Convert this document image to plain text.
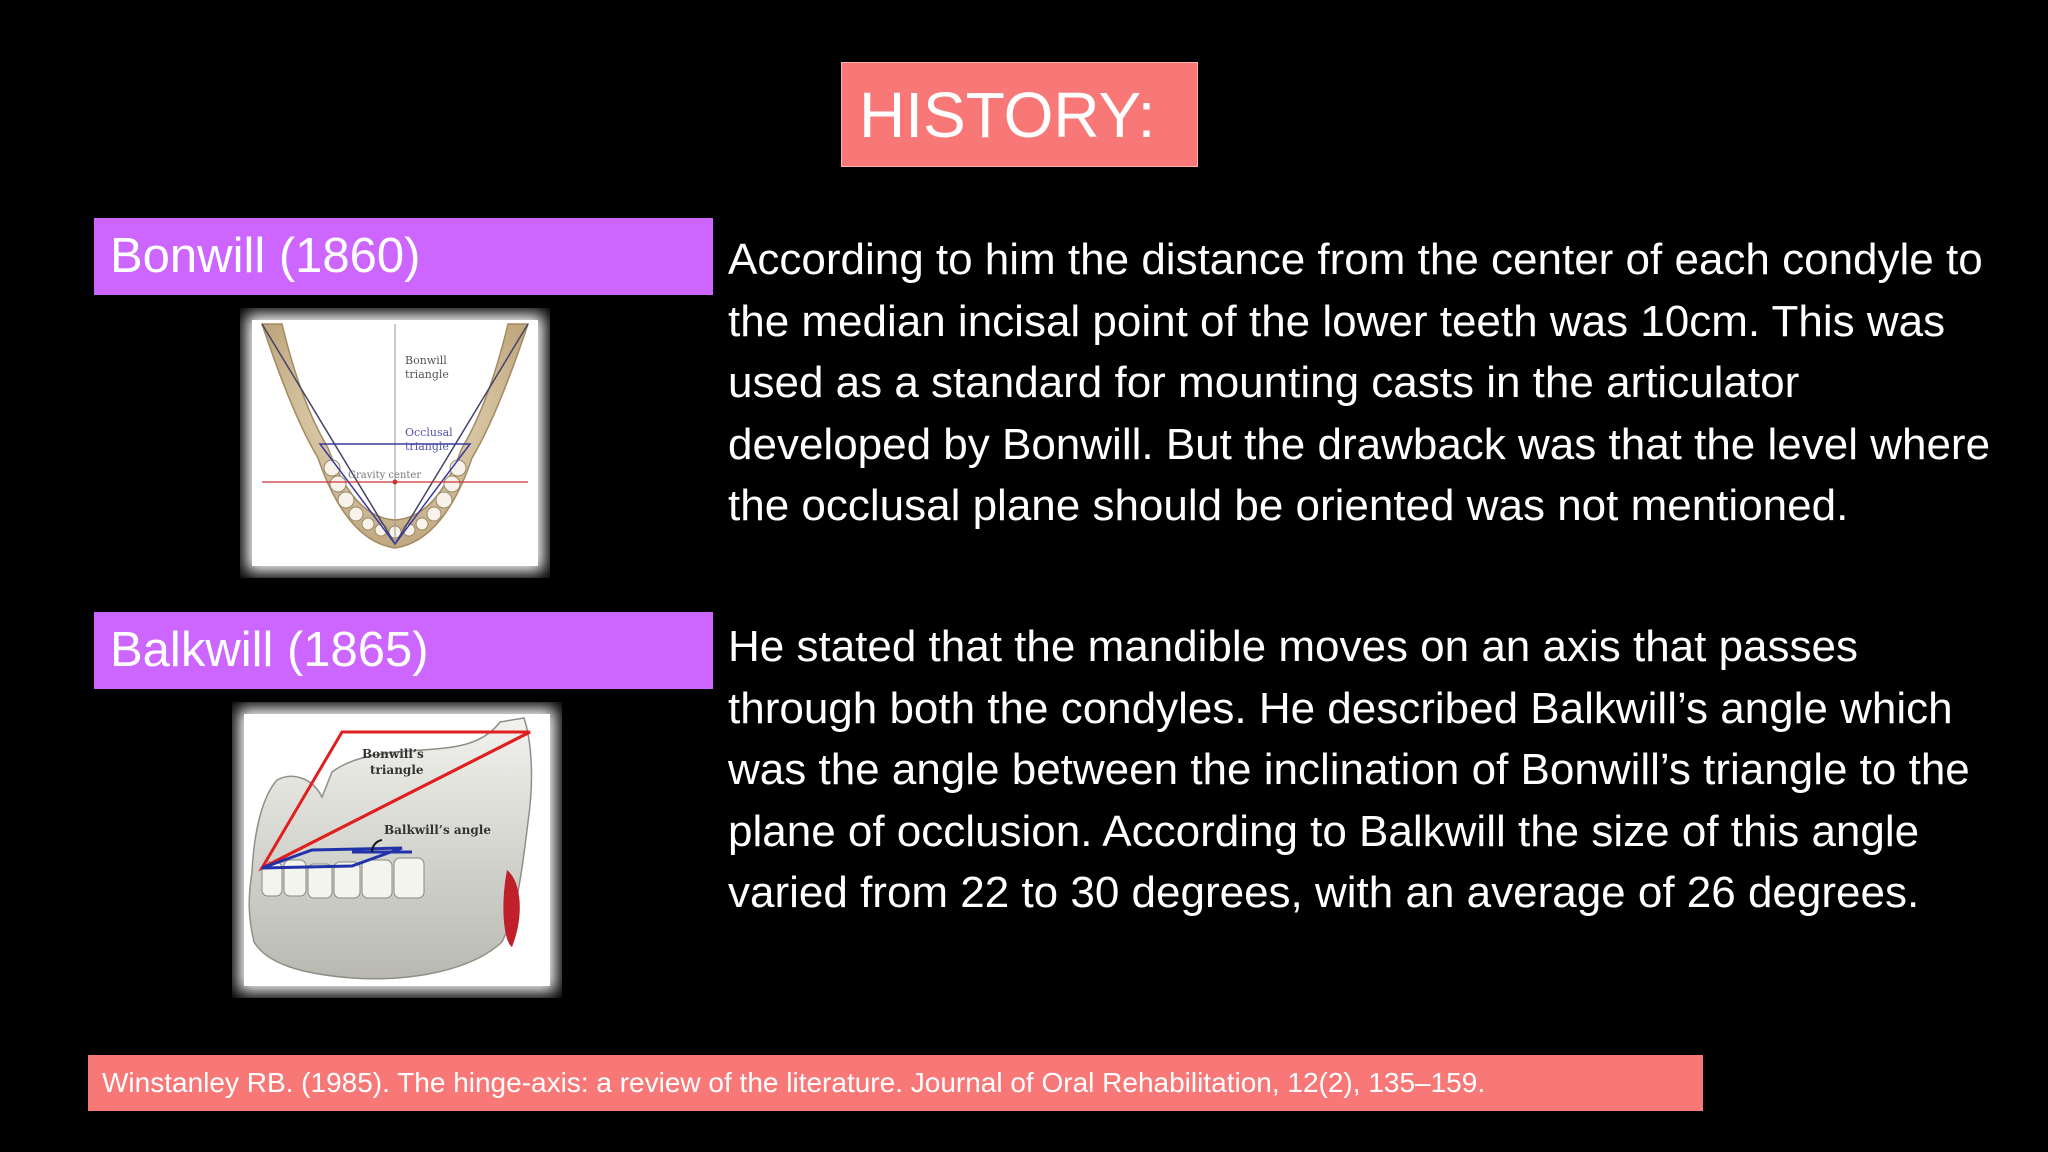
HISTORY:
Bonwill (1860)	According to him the distance from the center of each condyle to the median incisal point of the lower teeth was 10cm. This was used as a standard for mounting casts in the articulator developed by Bonwill. But the drawback was that the level where the occlusal plane should be oriented was not mentioned.

Bonwill
triangle
Occlusal
triangle
Gravity center
Balkwill (1865)	He stated that the mandible moves on an axis that passes through both the condyles. He described Balkwill’s angle which was the angle between the inclination of Bonwill’s triangle to the plane of occlusion. According to Balkwill the size of this angle varied from 22 to 30 degrees, with an average of 26 degrees.

Bonwill’s
triangle
Balkwill’s angle
Winstanley RB. (1985). The hinge-axis: a review of the literature. Journal of Oral Rehabilitation, 12(2), 135–159.
